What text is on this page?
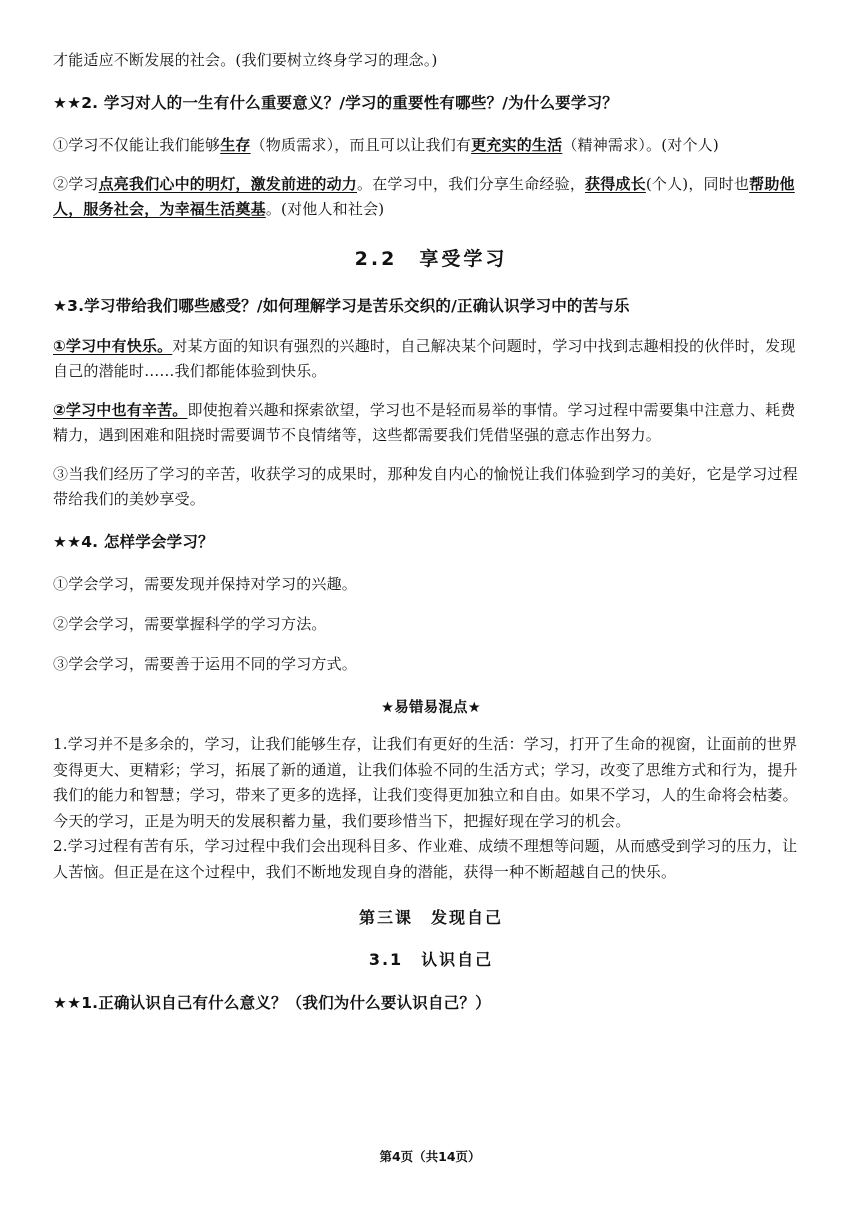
才能适应不断发展的社会。(我们要树立终身学习的理念。)

★★2. 学习对人的一生有什么重要意义？/学习的重要性有哪些？/为什么要学习？

①学习不仅能让我们能够生存（物质需求），而且可以让我们有更充实的生活（精神需求）。(对个人)

②学习点亮我们心中的明灯，激发前进的动力。在学习中，我们分享生命经验，获得成长(个人)，同时也帮助他人，服务社会，为幸福生活奠基。(对他人和社会)

2.2　享受学习

★3.学习带给我们哪些感受？/如何理解学习是苦乐交织的/正确认识学习中的苦与乐

①学习中有快乐。对某方面的知识有强烈的兴趣时，自己解决某个问题时，学习中找到志趣相投的伙伴时，发现自己的潜能时……我们都能体验到快乐。

②学习中也有辛苦。即使抱着兴趣和探索欲望，学习也不是轻而易举的事情。学习过程中需要集中注意力、耗费精力，遇到困难和阻挠时需要调节不良情绪等，这些都需要我们凭借坚强的意志作出努力。

③当我们经历了学习的辛苦，收获学习的成果时，那种发自内心的愉悦让我们体验到学习的美好，它是学习过程带给我们的美妙享受。

★★4. 怎样学会学习？

①学会学习，需要发现并保持对学习的兴趣。

②学会学习，需要掌握科学的学习方法。

③学会学习，需要善于运用不同的学习方式。

★易错易混点★

1.学习并不是多余的，学习，让我们能够生存，让我们有更好的生活：学习，打开了生命的视窗，让面前的世界变得更大、更精彩；学习，拓展了新的通道，让我们体验不同的生活方式；学习，改变了思维方式和行为，提升我们的能力和智慧；学习，带来了更多的选择，让我们变得更加独立和自由。如果不学习，人的生命将会枯萎。今天的学习，正是为明天的发展积蓄力量，我们要珍惜当下，把握好现在学习的机会。

2.学习过程有苦有乐，学习过程中我们会出现科目多、作业难、成绩不理想等问题，从而感受到学习的压力，让人苦恼。但正是在这个过程中，我们不断地发现自身的潜能，获得一种不断超越自己的快乐。

第三课　发现自己

3.1　认识自己

★★1.正确认识自己有什么意义？（我们为什么要认识自己？）

第4页（共14页）
